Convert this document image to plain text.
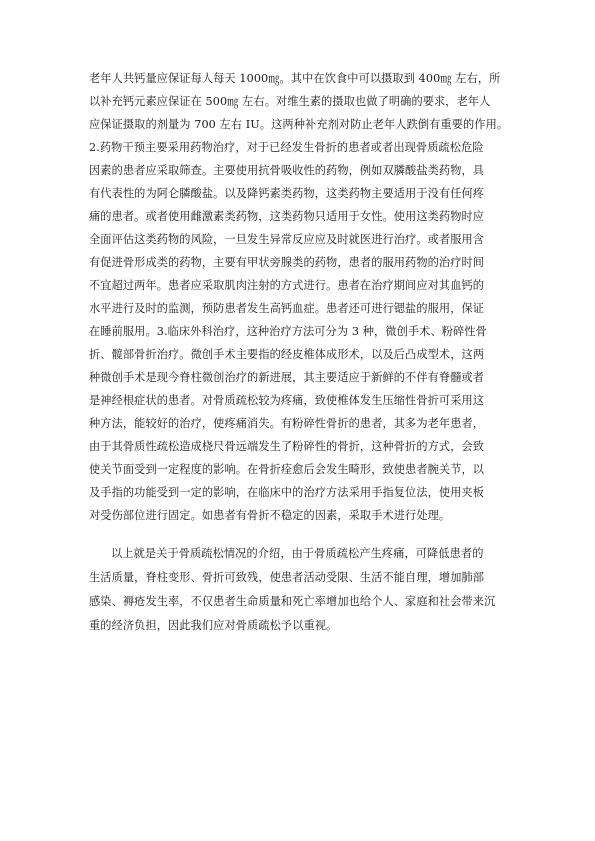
老年人共钙量应保证每人每天 1000㎎。其中在饮食中可以摄取到 400㎎ 左右，所
以补充钙元素应保证在 500㎎ 左右。对维生素的摄取也做了明确的要求，老年人
应保证摄取的剂量为 700 左右 IU。这两种补充剂对防止老年人跌倒有重要的作用。
2.药物干预主要采用药物治疗，对于已经发生骨折的患者或者出现骨质疏松危险
因素的患者应采取筛查。主要使用抗骨吸收性的药物，例如双膦酸盐类药物，具
有代表性的为阿仑膦酸盐。以及降钙素类药物，这类药物主要适用于没有任何疼
痛的患者。或者使用雌激素类药物，这类药物只适用于女性。使用这类药物时应
全面评估这类药物的风险，一旦发生异常反应应及时就医进行治疗。或者服用含
有促进骨形成类的药物，主要有甲状旁腺类的药物，患者的服用药物的治疗时间
不宜超过两年。患者应采取肌肉注射的方式进行。患者在治疗期间应对其血钙的
水平进行及时的监测，预防患者发生高钙血症。患者还可进行锶盐的服用，保证
在睡前服用。3.临床外科治疗，这种治疗方法可分为 3 种，微创手术、粉碎性骨
折、髋部骨折治疗。微创手术主要指的经皮椎体成形术，以及后凸成型术，这两
种微创手术是现今脊柱微创治疗的新进展，其主要适应于新鲜的不伴有脊髓或者
是神经根症状的患者。对骨质疏松较为疼痛，致使椎体发生压缩性骨折可采用这
种方法，能较好的治疗，使疼痛消失。有粉碎性骨折的患者，其多为老年患者，
由于其骨质性疏松造成桡尺骨远端发生了粉碎性的骨折，这种骨折的方式，会致
使关节面受到一定程度的影响。在骨折痊愈后会发生畸形，致使患者腕关节，以
及手指的功能受到一定的影响，在临床中的治疗方法采用手指复位法，使用夹板
对受伤部位进行固定。如患者有骨折不稳定的因素，采取手术进行处理。
以上就是关于骨质疏松情况的介绍，由于骨质疏松产生疼痛，可降低患者的
生活质量，脊柱变形、骨折可致残，使患者活动受限、生活不能自理，增加肺部
感染、褥疮发生率，不仅患者生命质量和死亡率增加也给个人、家庭和社会带来沉
重的经济负担，因此我们应对骨质疏松予以重视。
